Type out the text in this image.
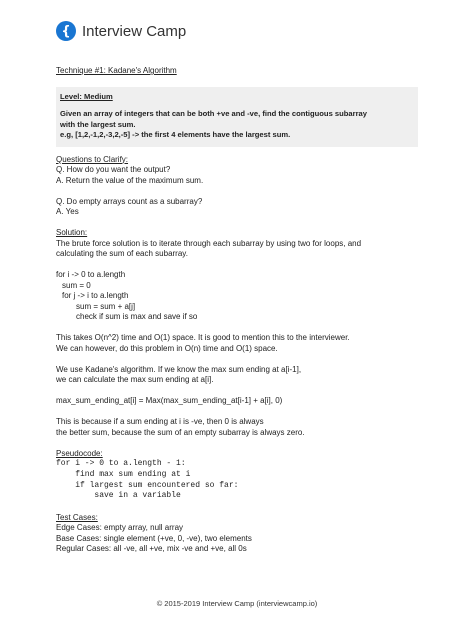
{ Interview Camp

Technique #1: Kadane's Algorithm

Level: Medium
Given an array of integers that can be both +ve and -ve, find the contiguous subarray
with the largest sum.
e.g, [1,2,-1,2,-3,2,-5] -> the first 4 elements have the largest sum.

Questions to Clarify:

Q. How do you want the output?

A. Return the value of the maximum sum.

Q. Do empty arrays count as a subarray?

A. Yes

Solution:

The brute force solution is to iterate through each subarray by using two for loops, and

calculating the sum of each subarray.

for i -> 0 to a.length

sum = 0

for j -> i to a.length

sum = sum + a[j]

check if sum is max and save if so

This takes O(n^2) time and O(1) space. It is good to mention this to the interviewer.

We can however, do this problem in O(n) time and O(1) space.

We use Kadane's algorithm. If we know the max sum ending at a[i-1],

we can calculate the max sum ending at a[i].

max_sum_ending_at[i] = Max(max_sum_ending_at[i-1] + a[i], 0)

This is because if a sum ending at i is -ve, then 0 is always

the better sum, because the sum of an empty subarray is always zero.

Pseudocode:

for i -> 0 to a.length - 1:
find max sum ending at i
if largest sum encountered so far:
save in a variable

Test Cases:

Edge Cases: empty array, null array

Base Cases: single element (+ve, 0, -ve), two elements

Regular Cases: all -ve, all +ve, mix -ve and +ve, all 0s

© 2015-2019 Interview Camp (interviewcamp.io)
